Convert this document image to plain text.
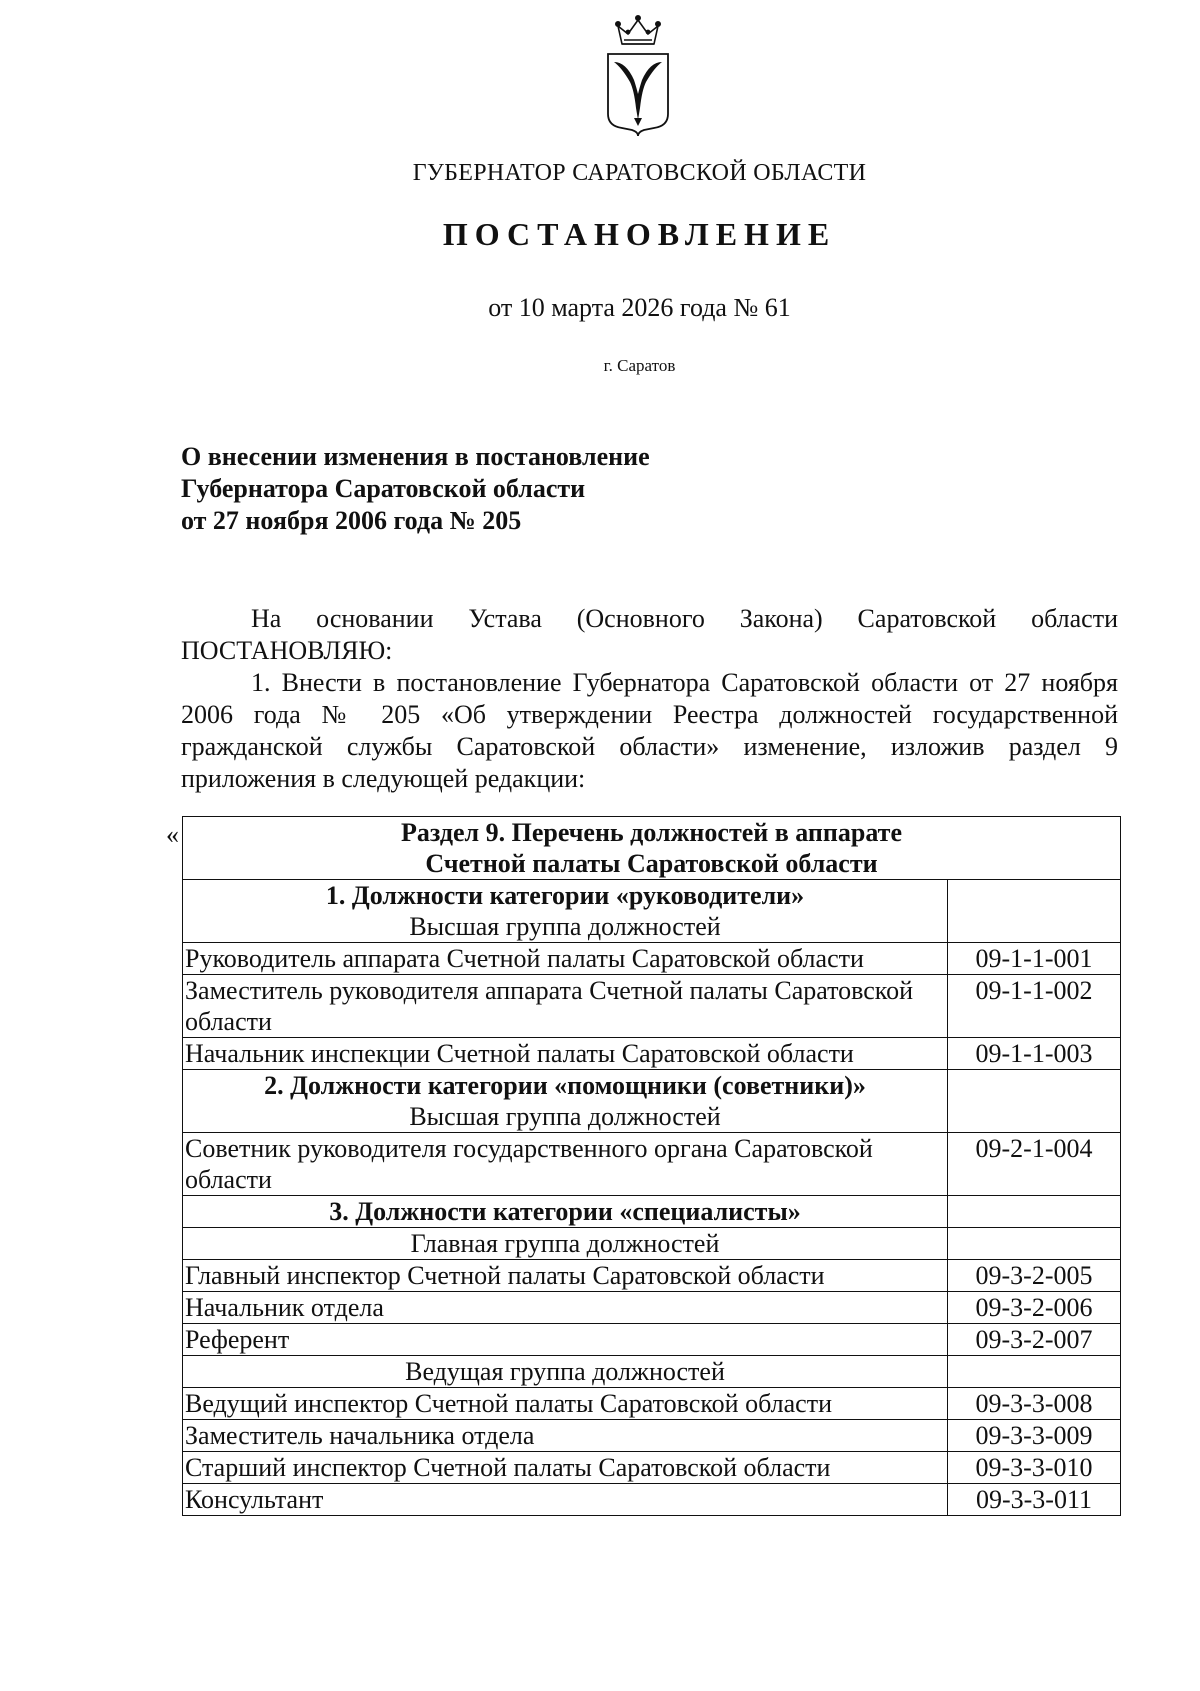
ГУБЕРНАТОР САРАТОВСКОЙ ОБЛАСТИ
ПОСТАНОВЛЕНИЕ
от 10 марта 2026 года № 61
г. Саратов
О внесении изменения в постановление
Губернатора Саратовской области
от 27 ноября 2006 года № 205

На основании Устава (Основного Закона) Саратовской области

ПОСТАНОВЛЯЮ:

1. Внести в постановление Губернатора Саратовской области от 27 ноября 2006 года № 205 «Об утверждении Реестра должностей государственной гражданской службы Саратовской области» изменение, изложив раздел 9 приложения в следующей редакции:

«	Раздел 9. Перечень должностей в аппарате
Счетной палаты Саратовской области	

1. Должности категории «руководители»
Высшая группа должностей	

Руководитель аппарата Счетной палаты Саратовской области	09-1-1-001
Заместитель руководителя аппарата Счетной палаты Саратовской области	09-1-1-002
Начальник инспекции Счетной палаты Саратовской области	09-1-1-003

2. Должности категории «помощники (советники)»
Высшая группа должностей	

Советник руководителя государственного органа Саратовской области	09-2-1-004
3. Должности категории «специалисты»	
Главная группа должностей	
Главный инспектор Счетной палаты Саратовской области	09-3-2-005
Начальник отдела	09-3-2-006
Референт	09-3-2-007
Ведущая группа должностей	
Ведущий инспектор Счетной палаты Саратовской области	09-3-3-008
Заместитель начальника отдела	09-3-3-009
Старший инспектор Счетной палаты Саратовской области	09-3-3-010
Консультант	09-3-3-011
